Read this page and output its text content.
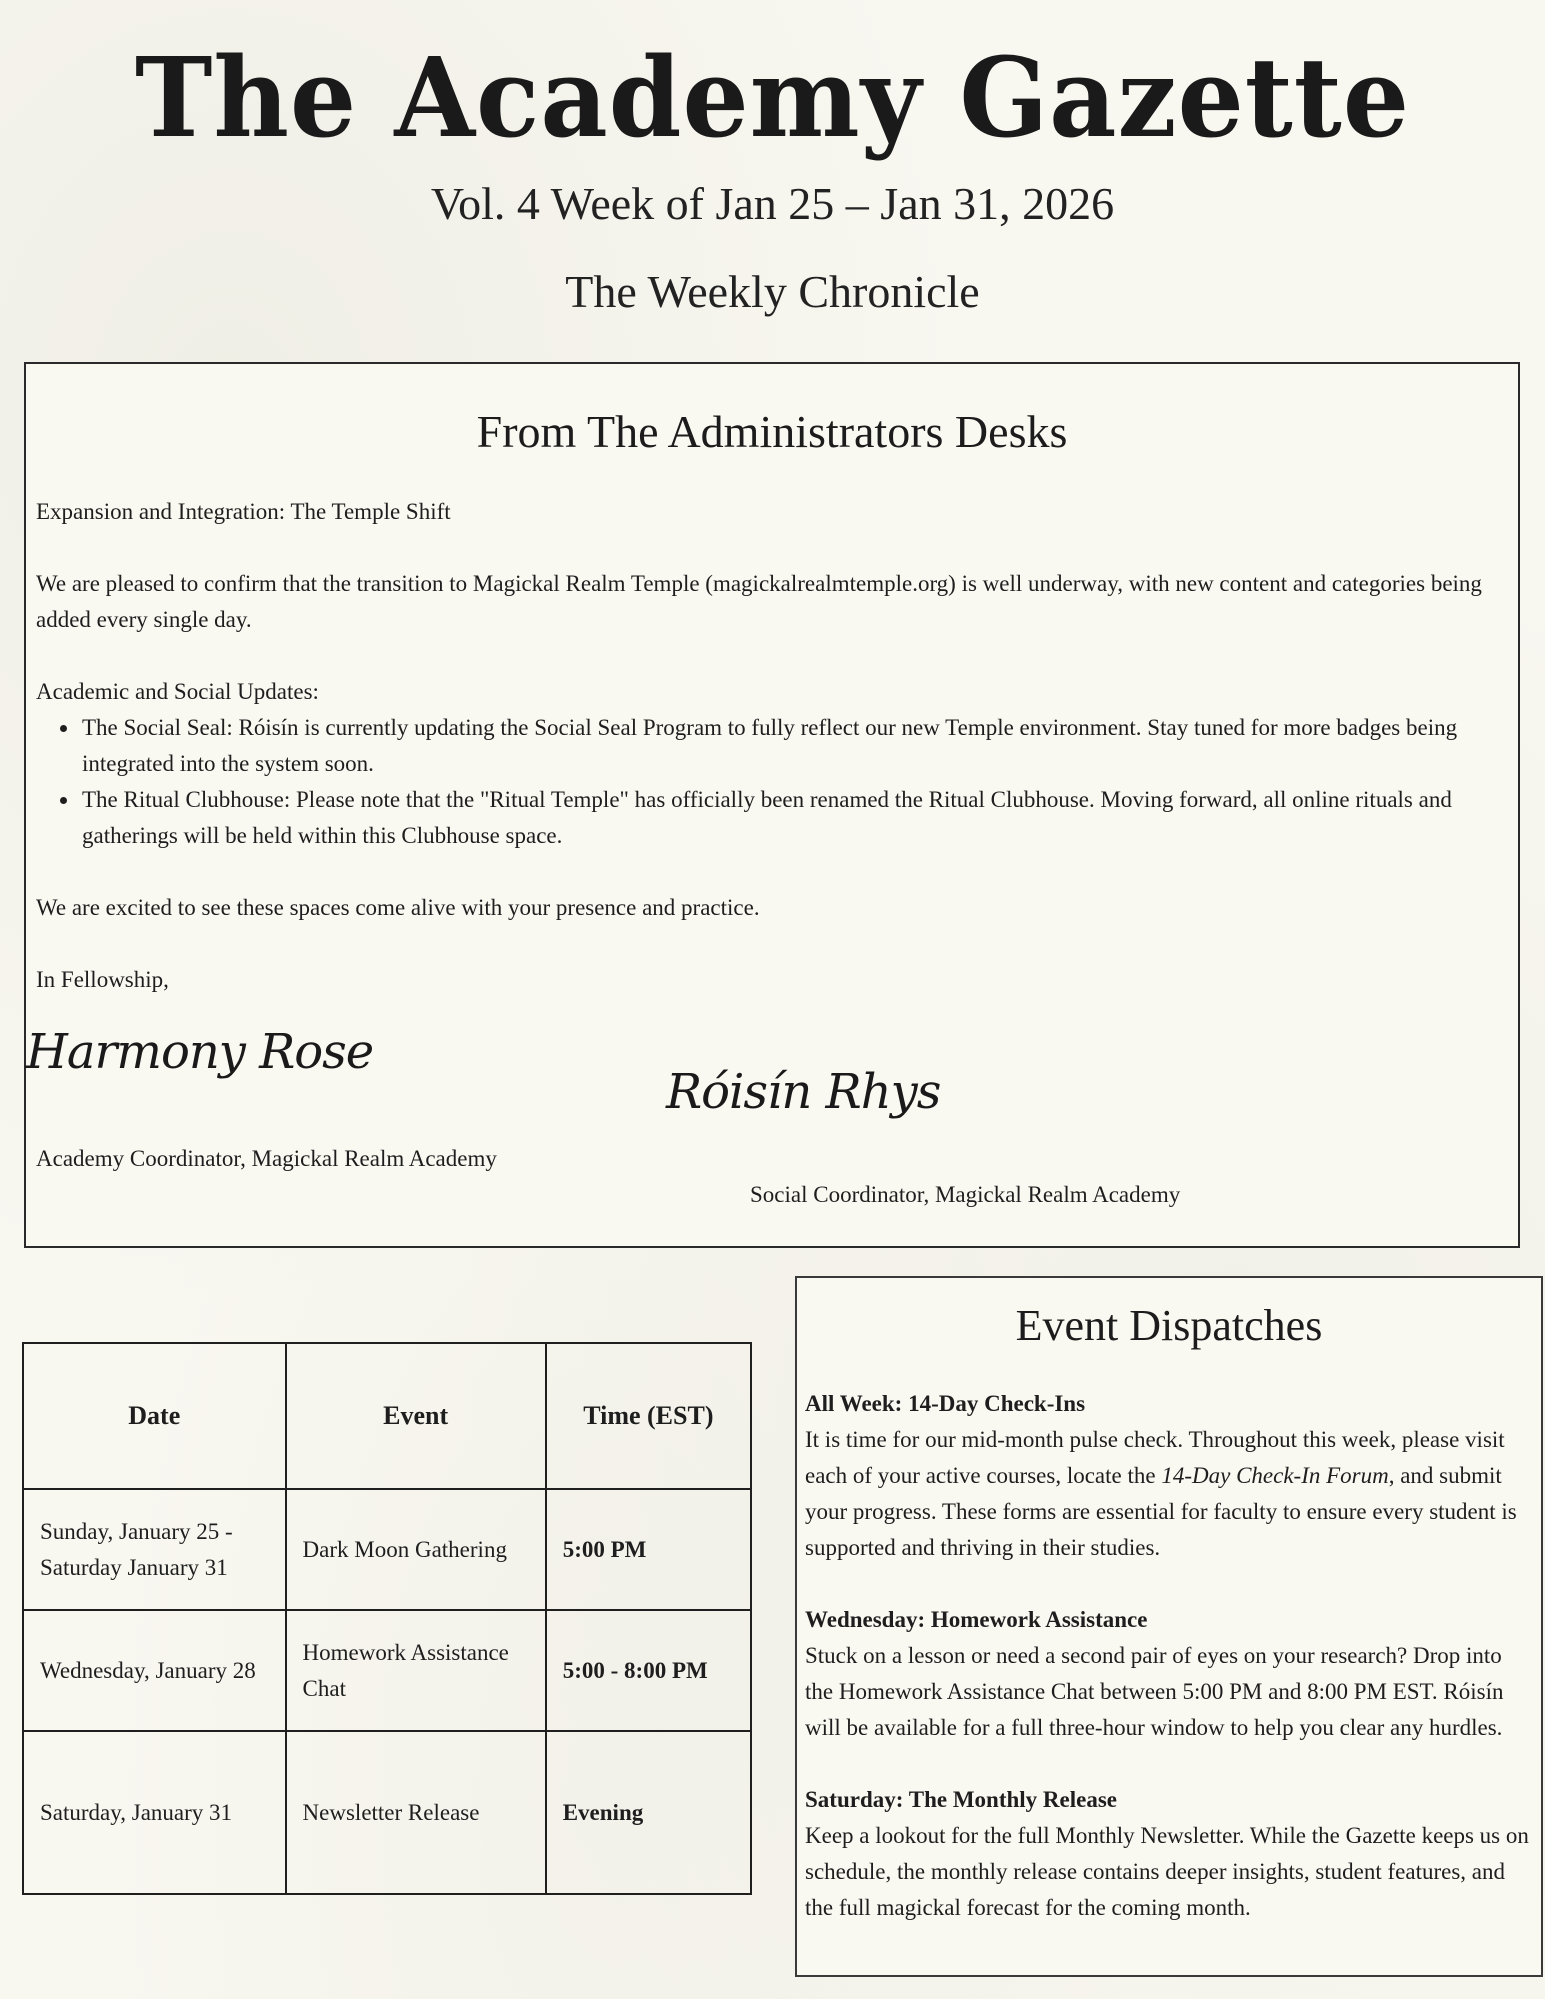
The Academy Gazette
Vol. 4 Week of Jan 25 – Jan 31, 2026
The Weekly Chronicle
From The Administrators Desks

Expansion and Integration: The Temple Shift

We are pleased to confirm that the transition to Magickal Realm Temple (magickalrealmtemple.org) is well underway, with new content and categories being added every single day.

Academic and Social Updates:

• The Social Seal: Róisín is currently updating the Social Seal Program to fully reflect our new Temple environment. Stay tuned for more badges being integrated into the system soon.
• The Ritual Clubhouse: Please note that the "Ritual Temple" has officially been renamed the Ritual Clubhouse. Moving forward, all online rituals and gatherings will be held within this Clubhouse space.

We are excited to see these spaces come alive with your presence and practice.

In Fellowship,

Harmony Rose
Academy Coordinator, Magickal Realm Academy
Róisín Rhys
Social Coordinator, Magickal Realm Academy
Date	Event	Time (EST)
Sunday, January 25 - Saturday January 31	Dark Moon Gathering	5:00 PM
Wednesday, January 28	Homework Assistance Chat	5:00 - 8:00 PM
Saturday, January 31	Newsletter Release	Evening
Event Dispatches
All Week: 14-Day Check-Ins

It is time for our mid-month pulse check. Throughout this week, please visit each of your active courses, locate the 14-Day Check-In Forum, and submit your progress. These forms are essential for faculty to ensure every student is supported and thriving in their studies.

Wednesday: Homework Assistance

Stuck on a lesson or need a second pair of eyes on your research? Drop into the Homework Assistance Chat between 5:00 PM and 8:00 PM EST. Róisín will be available for a full three-hour window to help you clear any hurdles.

Saturday: The Monthly Release

Keep a lookout for the full Monthly Newsletter. While the Gazette keeps us on schedule, the monthly release contains deeper insights, student features, and the full magickal forecast for the coming month.
